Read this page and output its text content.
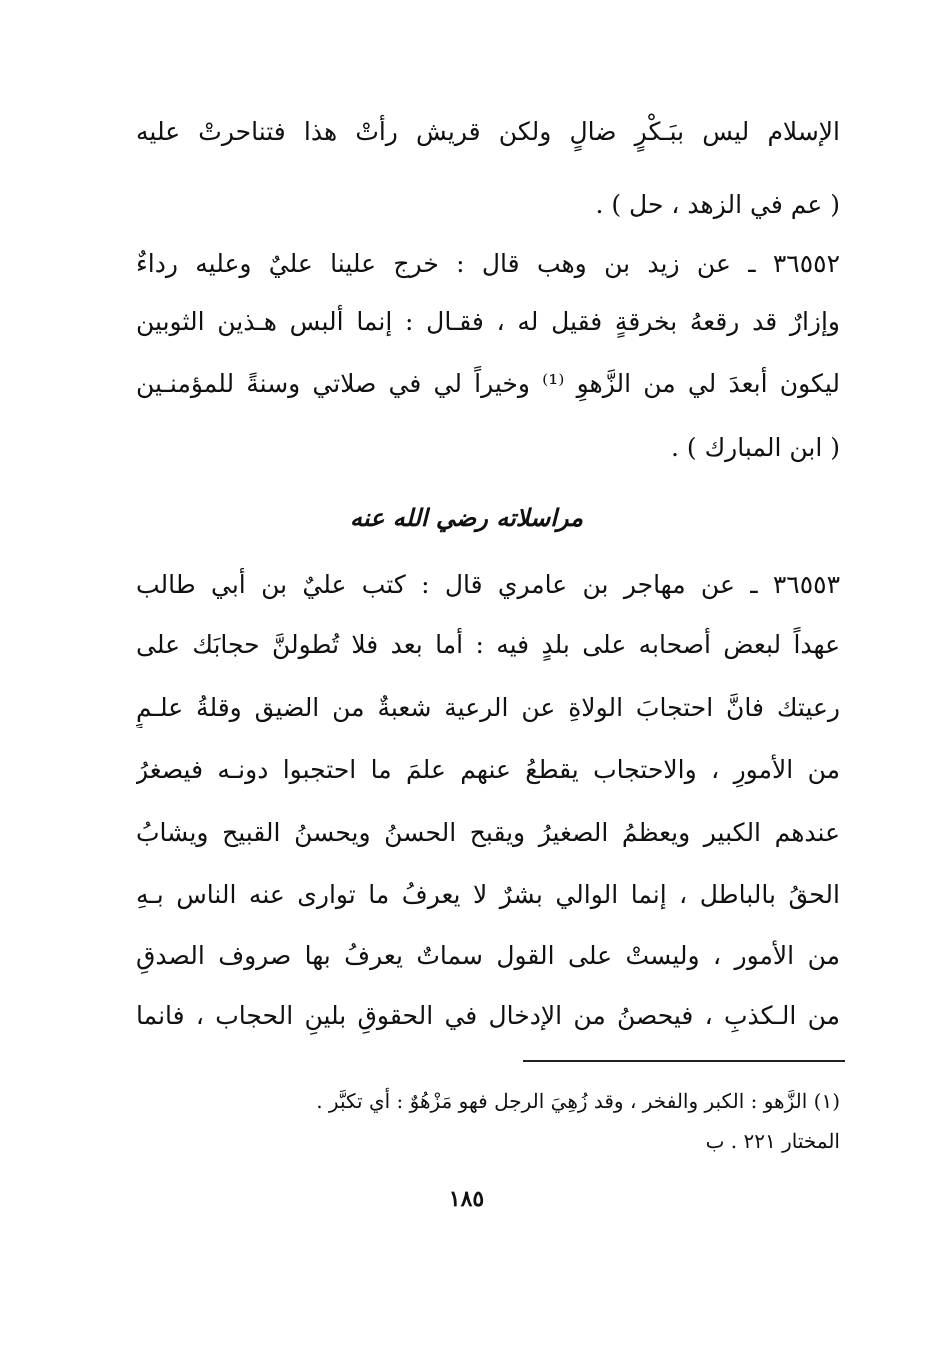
الإسلام ليس ببَـكْرٍ ضالٍ ولكن قريش رأتْ هذا فتناحرتْ عليه
( عم في الزهد ، حل ) .
٣٦٥٥٢ ـ عن زيد بن وهب قال : خرج علينا عليٌ وعليه رداءٌ
وإزارٌ قد رقعهُ بخرقةٍ فقيل له ، فقـال : إنما ألبس هـذين الثوبين
ليكون أبعدَ لي من الزَّهوِ ⁽¹⁾ وخيراً لي في صلاتي وسنةً للمؤمنـين
( ابن المبارك ) .
مراسلاته رضي الله عنه
٣٦٥٥٣ ـ عن مهاجر بن عامري قال : كتب عليٌ بن أبي طالب
عهداً لبعض أصحابه على بلدٍ فيه : أما بعد فلا تُطولنَّ حجابَك على
رعيتك فانَّ احتجابَ الولاةِ عن الرعية شعبةٌ من الضيق وقلةُ علـمٍ
من الأمورِ ، والاحتجاب يقطعُ عنهم علمَ ما احتجبوا دونـه فيصغرُ
عندهم الكبير ويعظمُ الصغيرُ ويقبح الحسنُ ويحسنُ القبيح ويشابُ
الحقُ بالباطل ، إنما الوالي بشرٌ لا يعرفُ ما توارى عنه الناس بـهِ
من الأمور ، وليستْ على القول سماتٌ يعرفُ بها صروف الصدقِ
من الـكذبِ ، فيحصنُ من الإدخال في الحقوقِ بلينِ الحجاب ، فانما
(١) الزَّهو : الكبر والفخر ، وقد زُهِيَ الرجل فهو مَزْهُوٌ : أي تكبَّر .
المختار ٢٢١ . ب
١٨٥
